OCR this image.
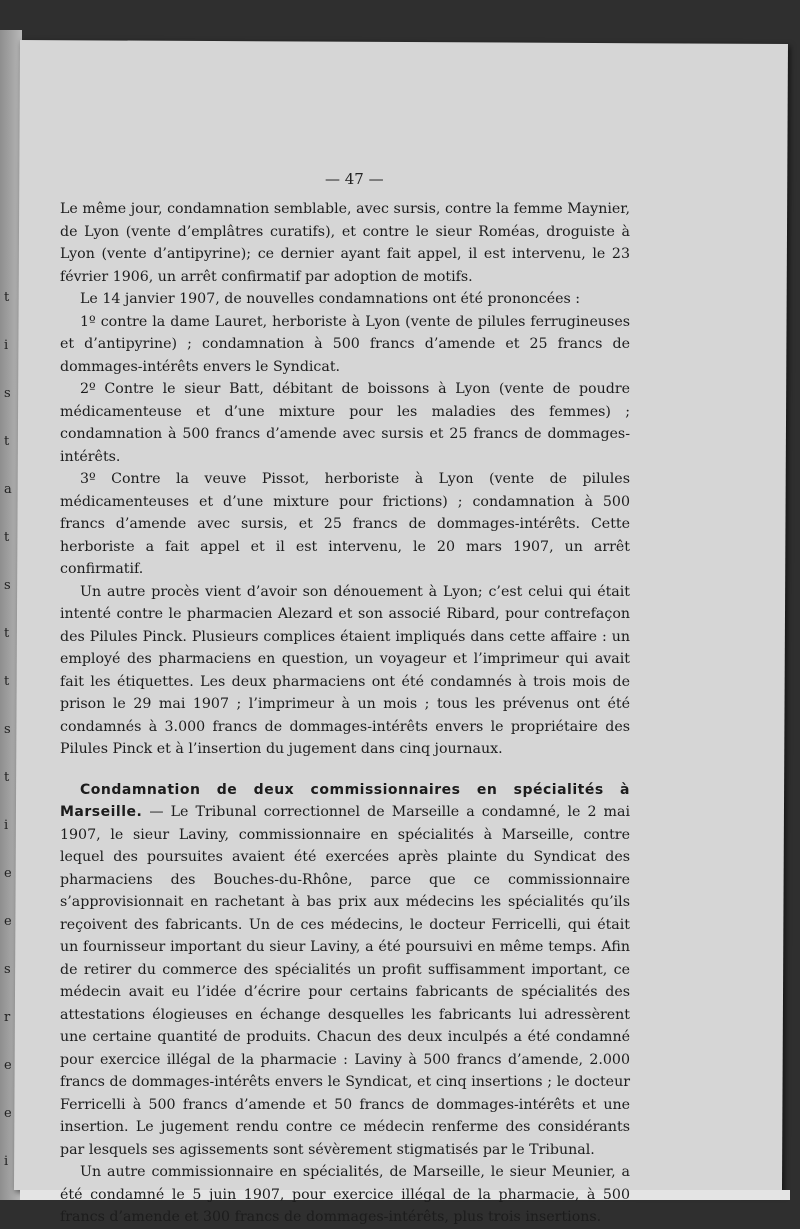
t
i
s
t
a
t
s
t
t
s
t
i
e
e
s
r
e
e
i
— 47 —

Le même jour, condamnation semblable, avec sursis, contre la femme Maynier, de Lyon (vente d’emplâtres curatifs), et contre le sieur Roméas, droguiste à Lyon (vente d’antipyrine); ce dernier ayant fait appel, il est intervenu, le 23 février 1906, un arrêt confirmatif par adoption de motifs.

Le 14 janvier 1907, de nouvelles condamnations ont été prononcées :

1º contre la dame Lauret, herboriste à Lyon (vente de pilules ferrugineuses et d’antipyrine) ; condamnation à 500 francs d’amende et 25 francs de dommages-intérêts envers le Syndicat.

2º Contre le sieur Batt, débitant de boissons à Lyon (vente de poudre médicamenteuse et d’une mixture pour les maladies des femmes) ; condamnation à 500 francs d’amende avec sursis et 25 francs de dommages-intérêts.

3º Contre la veuve Pissot, herboriste à Lyon (vente de pilules médicamenteuses et d’une mixture pour frictions) ; condamnation à 500 francs d’amende avec sursis, et 25 francs de dommages-intérêts. Cette herboriste a fait appel et il est intervenu, le 20 mars 1907, un arrêt confirmatif.

Un autre procès vient d’avoir son dénouement à Lyon; c’est celui qui était intenté contre le pharmacien Alezard et son associé Ribard, pour contrefaçon des Pilules Pinck. Plusieurs complices étaient impliqués dans cette affaire : un employé des pharmaciens en question, un voyageur et l’imprimeur qui avait fait les étiquettes. Les deux pharmaciens ont été condamnés à trois mois de prison le 29 mai 1907 ; l’imprimeur à un mois ; tous les prévenus ont été condamnés à 3.000 francs de dommages-intérêts envers le propriétaire des Pilules Pinck et à l’insertion du jugement dans cinq journaux.

Condamnation de deux commissionnaires en spécialités à Marseille. — Le Tribunal correctionnel de Marseille a condamné, le 2 mai 1907, le sieur Laviny, commissionnaire en spécialités à Marseille, contre lequel des poursuites avaient été exercées après plainte du Syndicat des pharmaciens des Bouches-du-Rhône, parce que ce commissionnaire s’approvisionnait en rachetant à bas prix aux médecins les spécialités qu’ils reçoivent des fabricants. Un de ces médecins, le docteur Ferricelli, qui était un fournisseur important du sieur Laviny, a été poursuivi en même temps. Afin de retirer du commerce des spécialités un profit suffisamment important, ce médecin avait eu l’idée d’écrire pour certains fabricants de spécialités des attestations élogieuses en échange desquelles les fabricants lui adressèrent une certaine quantité de produits. Chacun des deux inculpés a été condamné pour exercice illégal de la pharmacie : Laviny à 500 francs d’amende, 2.000 francs de dommages-intérêts envers le Syndicat, et cinq insertions ; le docteur Ferricelli à 500 francs d’amende et 50 francs de dommages-intérêts et une insertion. Le jugement rendu contre ce médecin renferme des considérants par lesquels ses agissements sont sévèrement stigmatisés par le Tribunal.

Un autre commissionnaire en spécialités, de Marseille, le sieur Meunier, a été condamné le 5 juin 1907, pour exercice illégal de la pharmacie, à 500 francs d’amende et 300 francs de dommages-intérêts, plus trois insertions.
